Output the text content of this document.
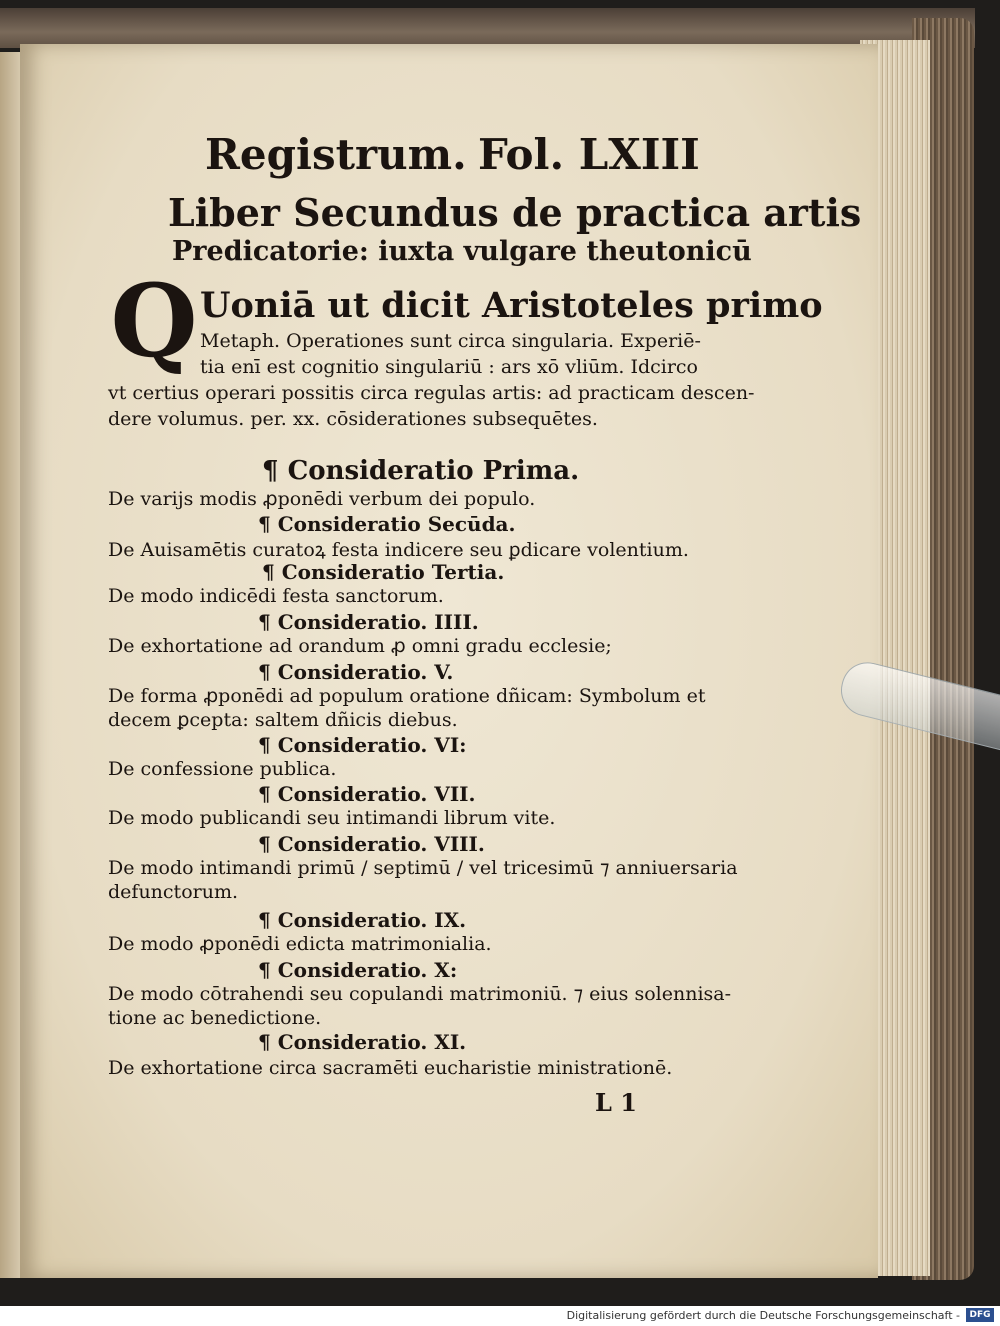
Registrum. Fol. LXIII
Liber Secundus de practica artis
Predicatorie: iuxta vulgare theutonicū
Q Uoniā ut dicit Aristoteles primo
Metaph. Operationes sunt circa singularia. Experiē-
tia enī est cognitio singulariū : ars xō vliūm. Idcirco
vt certius operari possitis circa regulas artis: ad practicam descen-
dere volumus. per. xx. cōsiderationes subsequētes.
¶ Consideratio Prima.
De varijs modis ꝓponēdi verbum dei populo.
¶ Consideratio Secūda.
De Auisamētis curatoꝝ festa indicere seu ꝑdicare volentium.
¶ Consideratio Tertia.
De modo indicēdi festa sanctorum.
¶ Consideratio. IIII.
De exhortatione ad orandum ꝓ omni gradu ecclesie;
¶ Consideratio. V.
De forma ꝓponēdi ad populum oratione dñicam: Symbolum et
decem ꝑcepta: saltem dñicis diebus.
¶ Consideratio. VI:
De confessione publica.
¶ Consideratio. VII.
De modo publicandi seu intimandi librum vite.
¶ Consideratio. VIII.
De modo intimandi primū / septimū / vel tricesimū ⁊ anniuersaria
defunctorum.
¶ Consideratio. IX.
De modo ꝓponēdi edicta matrimonialia.
¶ Consideratio. X:
De modo cōtrahendi seu copulandi matrimoniū. ⁊ eius solennisa-
tione ac benedictione.
¶ Consideratio. XI.
De exhortatione circa sacramēti eucharistie ministrationē.
L 1
Digitalisierung gefördert durch die Deutsche Forschungsgemeinschaft -	DFG
